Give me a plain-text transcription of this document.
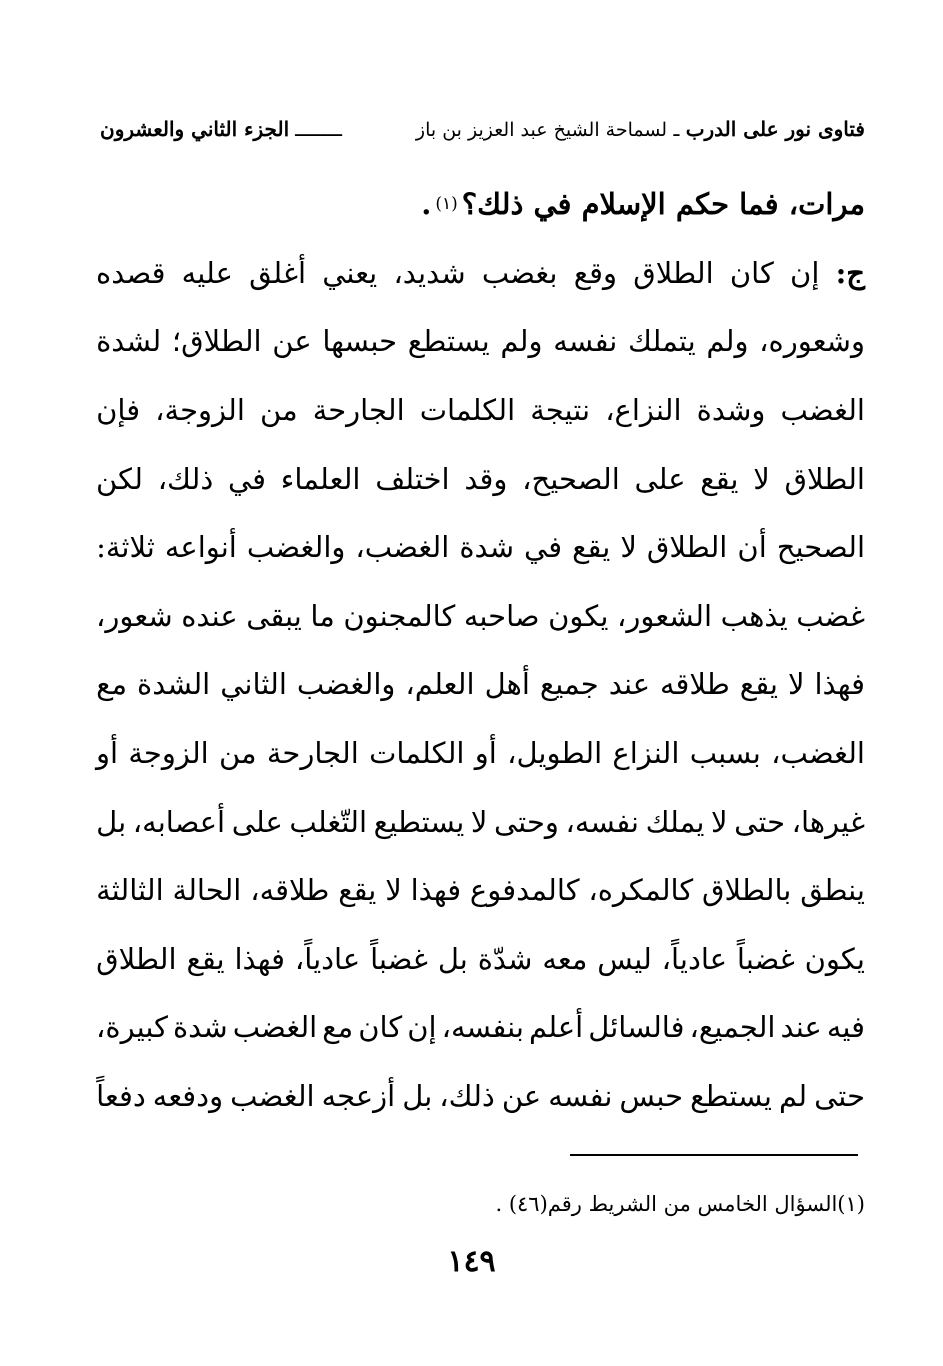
فتاوى نور على الدرب ـ لسماحة الشيخ عبد العزيز بن باز
ــــــــ
الجزء الثاني والعشرون
مرات، فما حكم الإسلام في ذلك؟
(١)
.
ج:
إن
كان
الطلاق
وقع
بغضب
شديد،
يعني
أغلق
عليه
قصده
وشعوره،
ولم
يتملك
نفسه
ولم
يستطع
حبسها
عن
الطلاق؛
لشدة
الغضب
وشدة
النزاع،
نتيجة
الكلمات
الجارحة
من
الزوجة،
فإن
الطلاق
لا
يقع
على
الصحيح،
وقد
اختلف
العلماء
في
ذلك،
لكن
الصحيح
أن
الطلاق
لا
يقع
في
شدة
الغضب،
والغضب
أنواعه
ثلاثة:
غضب
يذهب
الشعور،
يكون
صاحبه
كالمجنون
ما
يبقى
عنده
شعور،
فهذا
لا
يقع
طلاقه
عند
جميع
أهل
العلم،
والغضب
الثاني
الشدة
مع
الغضب،
بسبب
النزاع
الطويل،
أو
الكلمات
الجارحة
من
الزوجة
أو
غيرها،
حتى
لا
يملك
نفسه،
وحتى
لا
يستطيع
التّغلب
على
أعصابه،
بل
ينطق
بالطلاق
كالمكره،
كالمدفوع
فهذا
لا
يقع
طلاقه،
الحالة
الثالثة
يكون
غضباً
عادياً،
ليس
معه
شدّة
بل
غضباً
عادياً،
فهذا
يقع
الطلاق
فيه
عند
الجميع،
فالسائل
أعلم
بنفسه،
إن
كان
مع
الغضب
شدة
كبيرة،
حتى
لم
يستطع
حبس
نفسه
عن
ذلك،
بل
أزعجه
الغضب
ودفعه
دفعاً
(١)السؤال الخامس من الشريط رقم(٤٦) .
١٤٩
